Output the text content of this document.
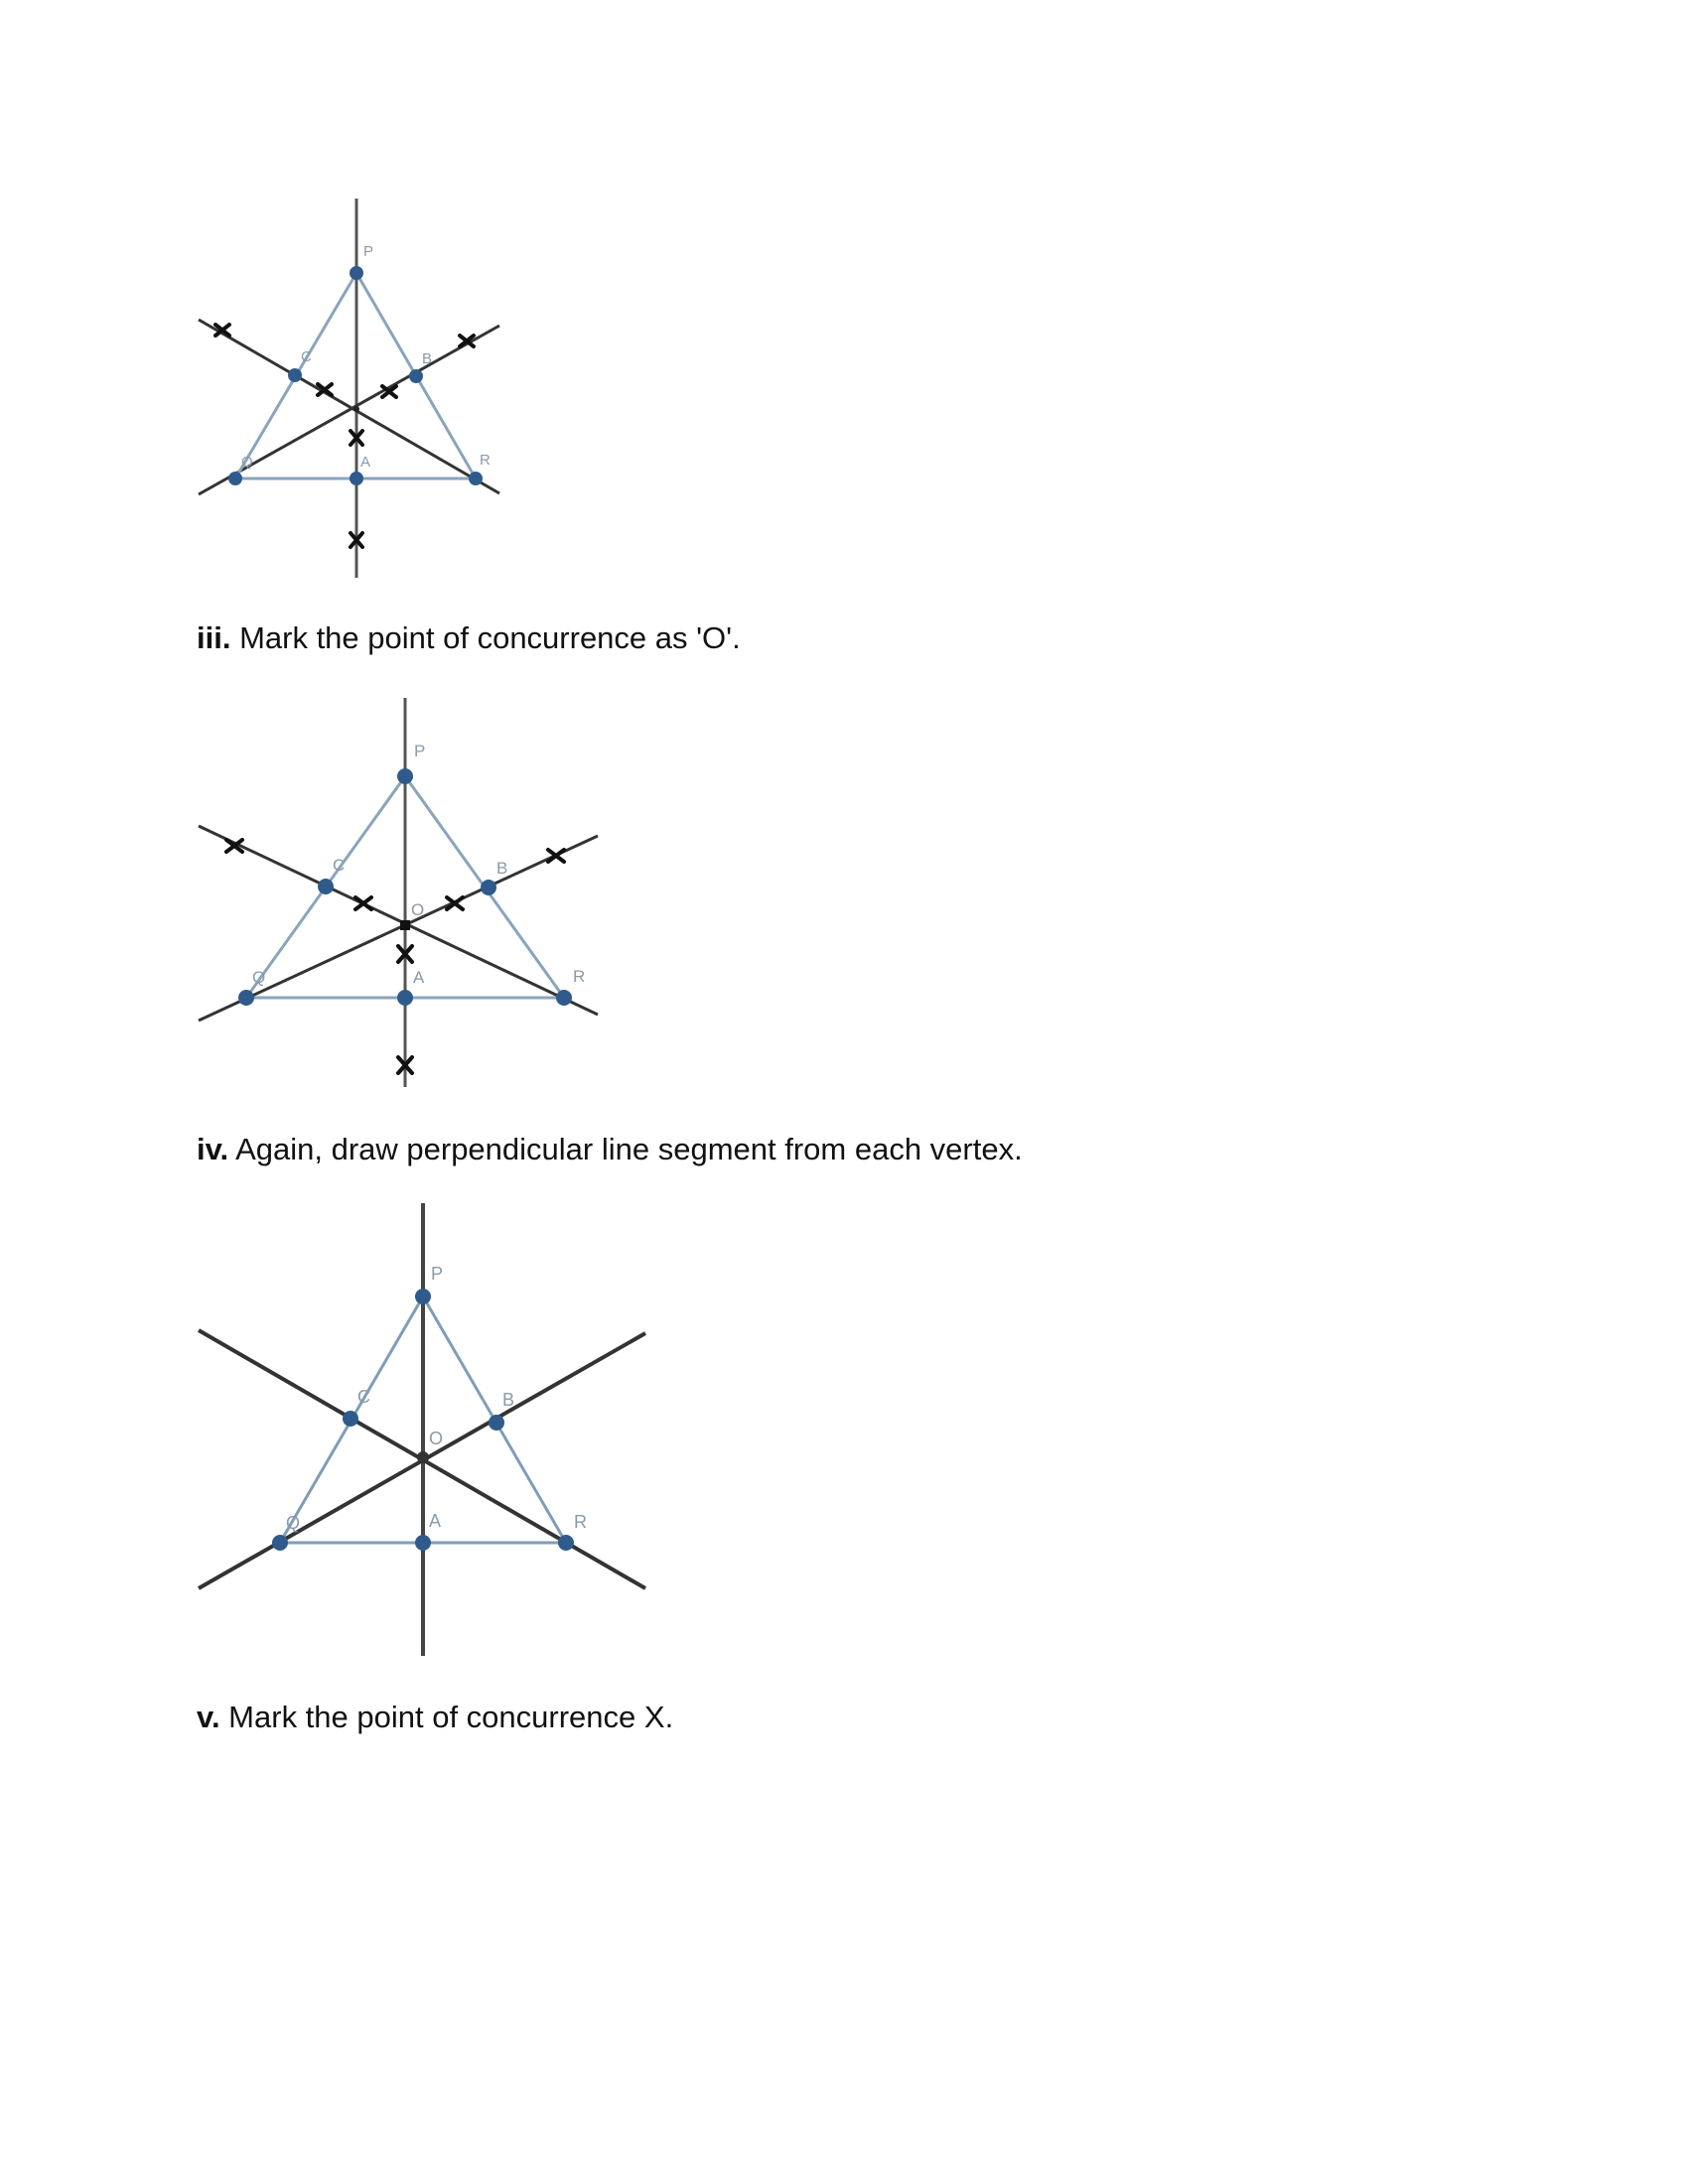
P
C	B
Q	A	R
P
C	B
O
Q	A	R
P
C	B
O
Q	A	R
iii. Mark the point of concurrence as 'O'.
iv. Again, draw perpendicular line segment from each vertex.
v. Mark the point of concurrence X.
